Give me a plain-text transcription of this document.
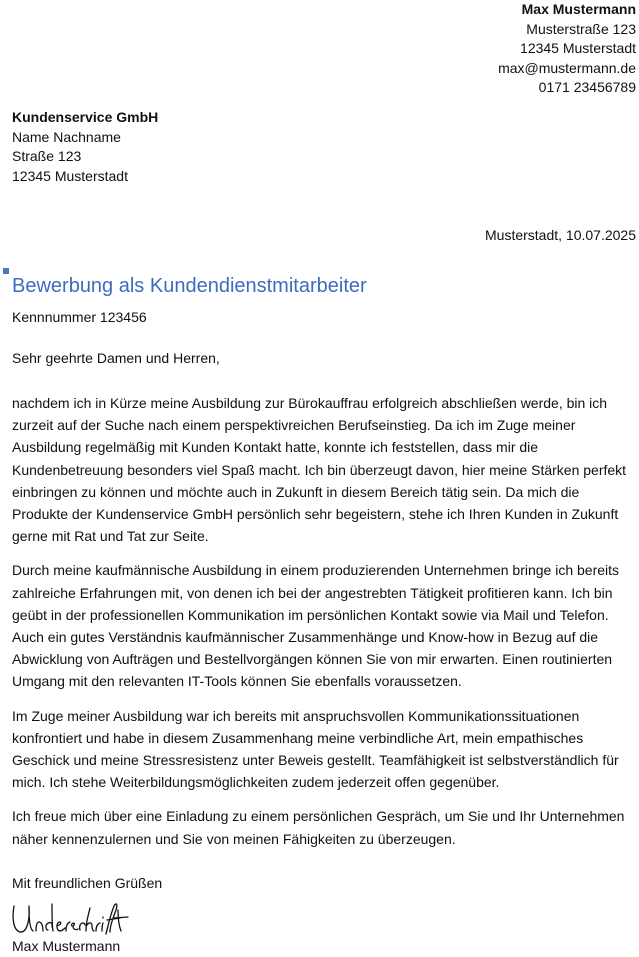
Max Mustermann
Musterstraße 123
12345 Musterstadt
max@mustermann.de
0171 23456789
Kundenservice GmbH
Name Nachname
Straße 123
12345 Musterstadt
Musterstadt, 10.07.2025
Bewerbung als Kundendienstmitarbeiter
Kennnummer 123456
Sehr geehrte Damen und Herren,

nachdem ich in Kürze meine Ausbildung zur Bürokauffrau erfolgreich abschließen werde, bin ich zurzeit auf der Suche nach einem perspektivreichen Berufseinstieg. Da ich im Zuge meiner Ausbildung regelmäßig mit Kunden Kontakt hatte, konnte ich feststellen, dass mir die Kundenbetreuung besonders viel Spaß macht. Ich bin überzeugt davon, hier meine Stärken perfekt einbringen zu können und möchte auch in Zukunft in diesem Bereich tätig sein. Da mich die Produkte der Kundenservice GmbH persönlich sehr begeistern, stehe ich Ihren Kunden in Zukunft gerne mit Rat und Tat zur Seite.

Durch meine kaufmännische Ausbildung in einem produzierenden Unternehmen bringe ich bereits zahlreiche Erfahrungen mit, von denen ich bei der angestrebten Tätigkeit profitieren kann. Ich bin geübt in der professionellen Kommunikation im persönlichen Kontakt sowie via Mail und Telefon. Auch ein gutes Verständnis kaufmännischer Zusammenhänge und Know-how in Bezug auf die Abwicklung von Aufträgen und Bestellvorgängen können Sie von mir erwarten. Einen routinierten Umgang mit den relevanten IT-Tools können Sie ebenfalls voraussetzen.

Im Zuge meiner Ausbildung war ich bereits mit anspruchsvollen Kommunikationssituationen konfrontiert und habe in diesem Zusammenhang meine verbindliche Art, mein empathisches Geschick und meine Stressresistenz unter Beweis gestellt. Teamfähigkeit ist selbstverständlich für mich. Ich stehe Weiterbildungsmöglichkeiten zudem jederzeit offen gegenüber.

Ich freue mich über eine Einladung zu einem persönlichen Gespräch, um Sie und Ihr Unternehmen näher kennenzulernen und Sie von meinen Fähigkeiten zu überzeugen.

Mit freundlichen Grüßen
Max Mustermann
